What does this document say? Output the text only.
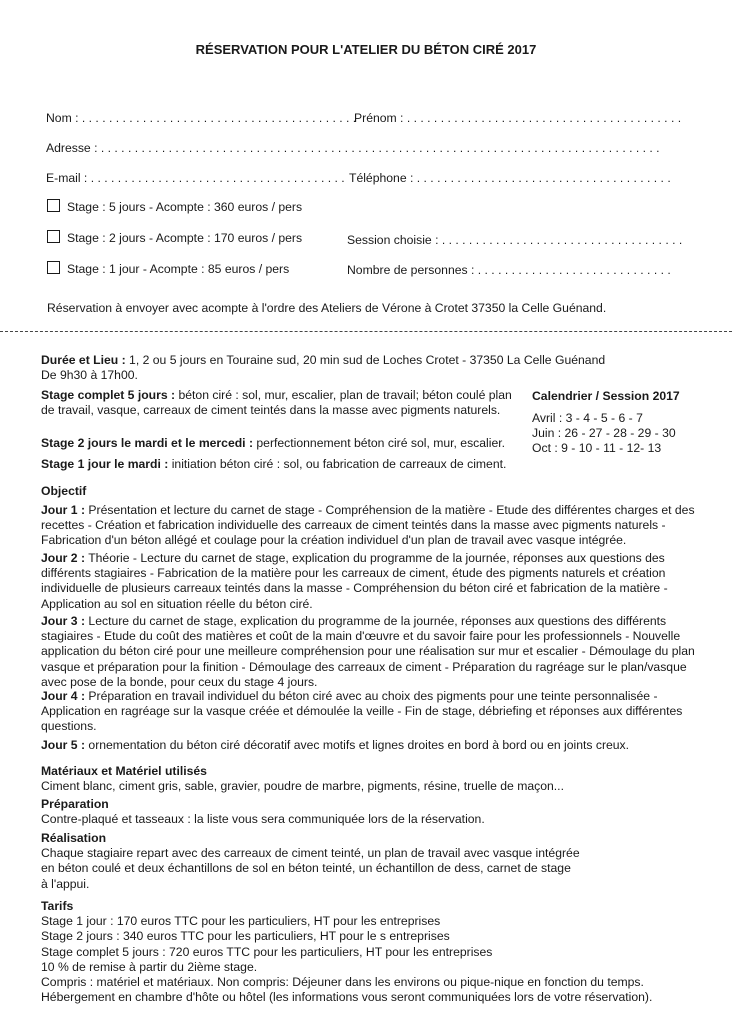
RÉSERVATION POUR L'ATELIER DU BÉTON CIRÉ 2017
Nom : . . . . . . . . . . . . . . . . . . . . . . . . . . . . . . . . . . . . . . . . .
Prénom : . . . . . . . . . . . . . . . . . . . . . . . . . . . . . . . . . . . . . . . . .
Adresse : . . . . . . . . . . . . . . . . . . . . . . . . . . . . . . . . . . . . . . . . . . . . . . . . . . . . . . . . . . . . . . . . . . . . . . . . . . . . . . . . . . .
E-mail : . . . . . . . . . . . . . . . . . . . . . . . . . . . . . . . . . . . . . . Téléphone : . . . . . . . . . . . . . . . . . . . . . . . . . . . . . . . . . . . . . .
Stage : 5 jours - Acompte : 360 euros / pers
Stage : 2 jours - Acompte : 170 euros / pers	Session choisie : . . . . . . . . . . . . . . . . . . . . . . . . . . . . . . . . . . . .
Stage : 1 jour - Acompte : 85 euros / pers	Nombre de personnes : . . . . . . . . . . . . . . . . . . . . . . . . . . . . .
Réservation à envoyer avec acompte à l'ordre des Ateliers de Vérone à Crotet 37350 la Celle Guénand.

Durée et Lieu : 1, 2 ou 5 jours en Touraine sud, 20 min sud de Loches Crotet - 37350 La Celle Guénand

De 9h30 à 17h00.

Stage complet 5 jours : béton ciré : sol, mur, escalier, plan de travail; béton coulé plan de travail, vasque, carreaux de ciment teintés dans la masse avec pigments naturels.

Stage 2 jours le mardi et le mercedi : perfectionnement béton ciré sol, mur, escalier.

Stage 1 jour le mardi : initiation béton ciré : sol, ou fabrication de carreaux de ciment.

Calendrier / Session 2017
Avril : 3 - 4 - 5 - 6 - 7
Juin : 26 - 27 - 28 - 29 - 30
Oct : 9 - 10 - 11 - 12- 13
Objectif

Jour 1 : Présentation et lecture du carnet de stage - Compréhension de la matière - Etude des différentes charges et des recettes - Création et fabrication individuelle des carreaux de ciment teintés dans la masse avec pigments naturels - Fabrication d'un béton allégé et coulage pour la création individuel d'un plan de travail avec vasque intégrée.

Jour 2 : Théorie - Lecture du carnet de stage, explication du programme de la journée, réponses aux questions des différents stagiaires - Fabrication de la matière pour les carreaux de ciment, étude des pigments naturels et création individuelle de plusieurs carreaux teintés dans la masse - Compréhension du béton ciré et fabrication de la matière - Application au sol en situation réelle du béton ciré.

Jour 3 : Lecture du carnet de stage, explication du programme de la journée, réponses aux questions des différents stagiaires - Etude du coût des matières et coût de la main d'œuvre et du savoir faire pour les professionnels - Nouvelle application du béton ciré pour une meilleure compréhension pour une réalisation sur mur et escalier - Démoulage du plan vasque et préparation pour la finition - Démoulage des carreaux de ciment - Préparation du ragréage sur le plan/vasque avec pose de la bonde, pour ceux du stage 4 jours.

Jour 4 : Préparation en travail individuel du béton ciré avec au choix des pigments pour une teinte personnalisée - Application en ragréage sur la vasque créée et démoulée la veille - Fin de stage, débriefing et réponses aux différentes questions.

Jour 5 : ornementation du béton ciré décoratif avec motifs et lignes droites en bord à bord ou en joints creux.

Matériaux et Matériel utilisés

Ciment blanc, ciment gris, sable, gravier, poudre de marbre, pigments, résine, truelle de maçon...

Préparation

Contre-plaqué et tasseaux : la liste vous sera communiquée lors de la réservation.

Réalisation

Chaque stagiaire repart avec des carreaux de ciment teinté, un plan de travail avec vasque intégrée

en béton coulé et deux échantillons de sol en béton teinté, un échantillon de dess, carnet de stage

à l'appui.

Tarifs

Stage 1 jour : 170 euros TTC pour les particuliers, HT pour les entreprises

Stage 2 jours : 340 euros TTC pour les particuliers, HT pour le s entreprises

Stage complet 5 jours : 720 euros TTC pour les particuliers, HT pour les entreprises

10 % de remise à partir du 2ième stage.

Compris : matériel et matériaux. Non compris: Déjeuner dans les environs ou pique-nique en fonction du temps.

Hébergement en chambre d'hôte ou hôtel (les informations vous seront communiquées lors de votre réservation).
